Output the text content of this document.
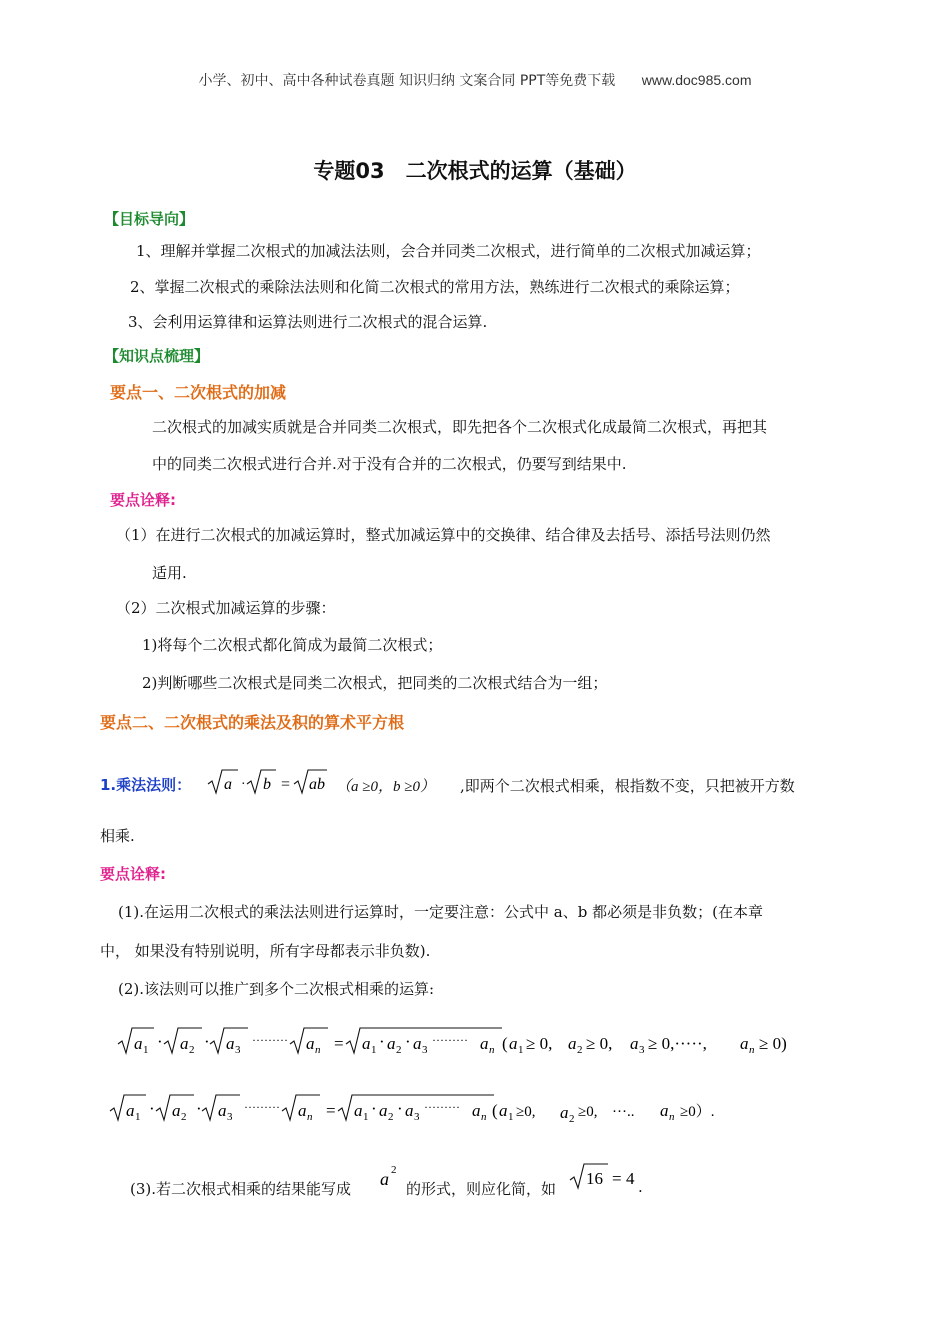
小学、初中、高中各种试卷真题 知识归纳 文案合同 PPT等免费下载 www.doc985.com
专题03　二次根式的运算（基础）
【目标导向】
1、理解并掌握二次根式的加减法法则，会合并同类二次根式，进行简单的二次根式加减运算；
2、掌握二次根式的乘除法法则和化简二次根式的常用方法，熟练进行二次根式的乘除运算；
3、会利用运算律和运算法则进行二次根式的混合运算.
【知识点梳理】
要点一、二次根式的加减
二次根式的加减实质就是合并同类二次根式，即先把各个二次根式化成最简二次根式，再把其
中的同类二次根式进行合并.对于没有合并的二次根式，仍要写到结果中.
要点诠释:
（1）在进行二次根式的加减运算时，整式加减运算中的交换律、结合律及去括号、添括号法则仍然
适用.
（2）二次根式加减运算的步骤：
1)将每个二次根式都化简成为最简二次根式；
2)判断哪些二次根式是同类二次根式，把同类的二次根式结合为一组；
要点二、二次根式的乘法及积的算术平方根
1.乘法法则： a · b = ab （a ≥0，b ≥0） ,即两个二次根式相乘，根指数不变，只把被开方数
相乘.
要点诠释:
(1).在运用二次根式的乘法法则进行运算时，一定要注意：公式中 a、b 都必须是非负数；(在本章
中， 如果没有特别说明，所有字母都表示非负数).
(2).该法则可以推广到多个二次根式相乘的运算:
a 1 · a 2 · a 3
········· a n = a 1 · a 2 · a 3
········· a n ( a 1 ≥ 0, a 2 ≥ 0, a 3 ≥ 0,·····, a n ≥ 0)
a 1 · a 2 · a 3
········· a n = a 1 · a 2 · a 3
········· a n ( a 1 ≥0, a 2 ≥0, ···.. a n ≥0）.
(3).若二次根式相乘的结果能写成 a 2
的形式，则应化简，如
16 = 4 .
